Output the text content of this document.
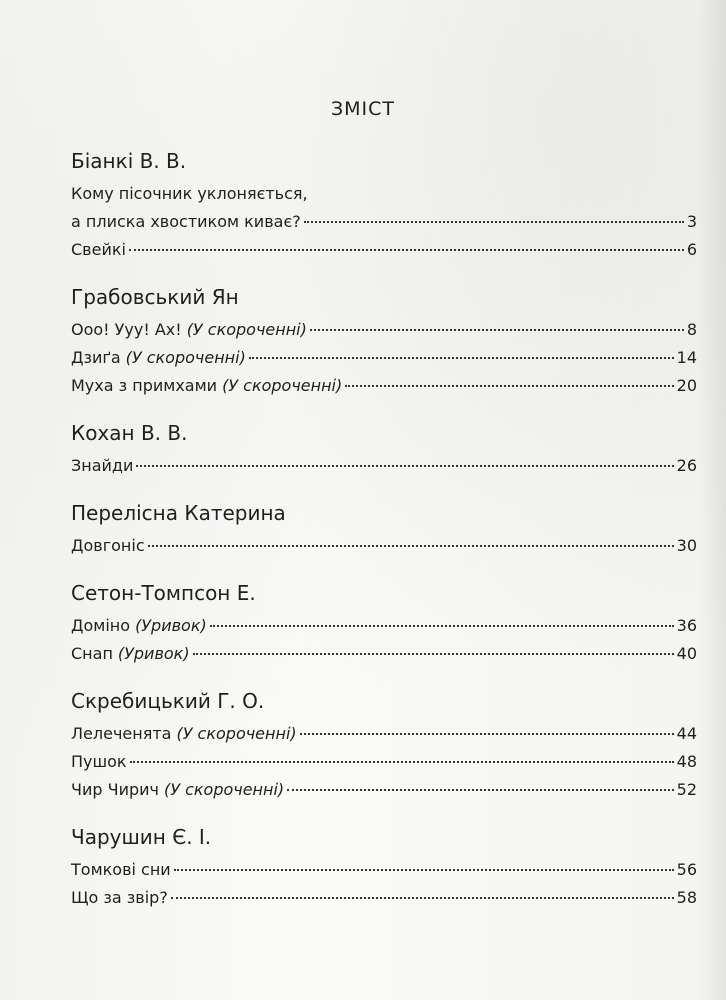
ЗМІСТ
Біанкі В. В.
Кому пісочник уклоняється,
а плиска хвостиком киває?	3
Свейкі	6
Грабовський Ян
Ооо! Ууу! Ах! (У скороченні)	8
Дзиґа (У скороченні)	14
Муха з примхами (У скороченні)	20
Кохан В. В.
Знайди	26
Перелісна Катерина
Довгоніс	30
Сетон-Томпсон Е.
Доміно (Уривок)	36
Снап (Уривок)	40
Скребицький Г. О.
Лелеченята (У скороченні)	44
Пушок	48
Чир Чирич (У скороченні)	52
Чарушин Є. І.
Томкові сни	56
Що за звір?	58
